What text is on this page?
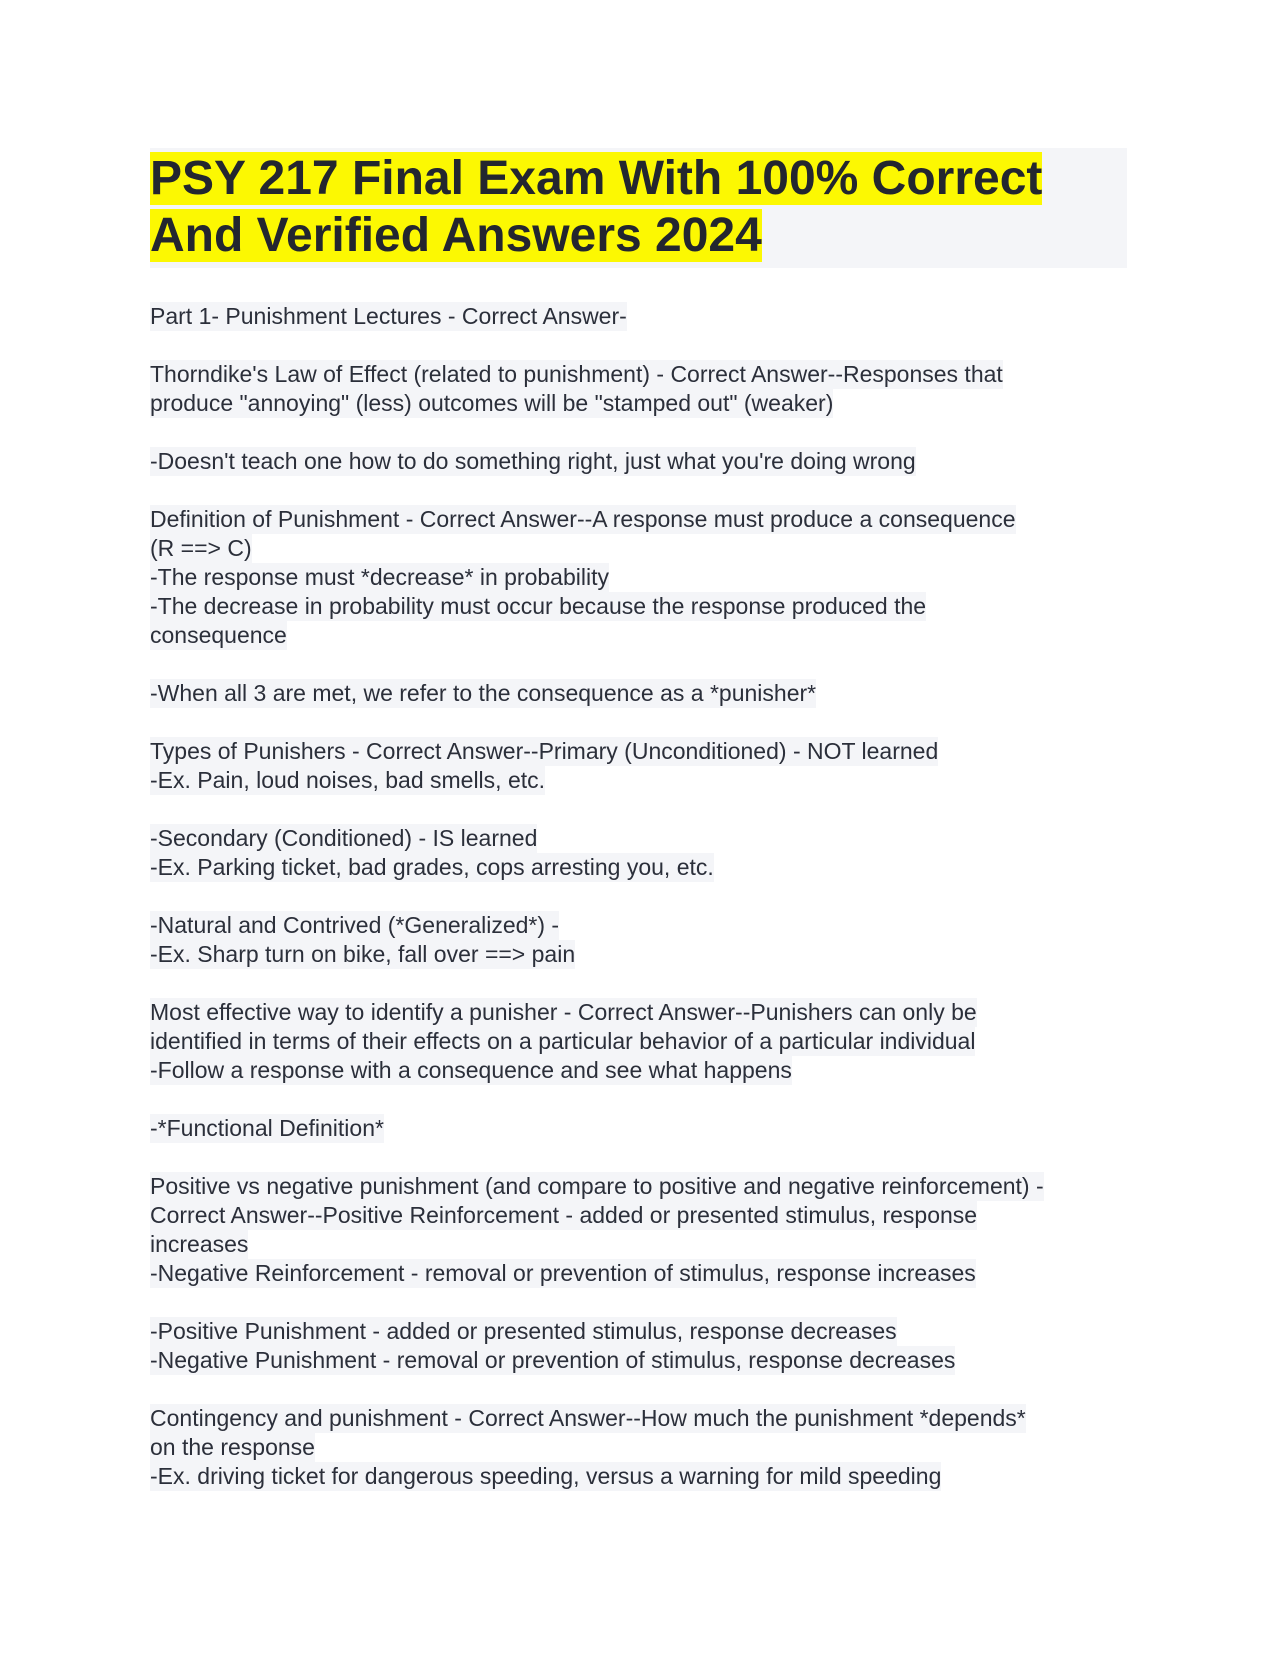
PSY 217 Final Exam With 100% Correct
And Verified Answers 2024
Part 1- Punishment Lectures - Correct Answer-

Thorndike's Law of Effect (related to punishment) - Correct Answer--Responses that
produce "annoying" (less) outcomes will be "stamped out" (weaker)

-Doesn't teach one how to do something right, just what you're doing wrong

Definition of Punishment - Correct Answer--A response must produce a consequence
(R ==> C)
-The response must *decrease* in probability
-The decrease in probability must occur because the response produced the
consequence

-When all 3 are met, we refer to the consequence as a *punisher*

Types of Punishers - Correct Answer--Primary (Unconditioned) - NOT learned
-Ex. Pain, loud noises, bad smells, etc.

-Secondary (Conditioned) - IS learned
-Ex. Parking ticket, bad grades, cops arresting you, etc.

-Natural and Contrived (*Generalized*) -
-Ex. Sharp turn on bike, fall over ==> pain

Most effective way to identify a punisher - Correct Answer--Punishers can only be
identified in terms of their effects on a particular behavior of a particular individual
-Follow a response with a consequence and see what happens

-*Functional Definition*

Positive vs negative punishment (and compare to positive and negative reinforcement) -
Correct Answer--Positive Reinforcement - added or presented stimulus, response
increases
-Negative Reinforcement - removal or prevention of stimulus, response increases

-Positive Punishment - added or presented stimulus, response decreases
-Negative Punishment - removal or prevention of stimulus, response decreases

Contingency and punishment - Correct Answer--How much the punishment *depends*
on the response
-Ex. driving ticket for dangerous speeding, versus a warning for mild speeding
